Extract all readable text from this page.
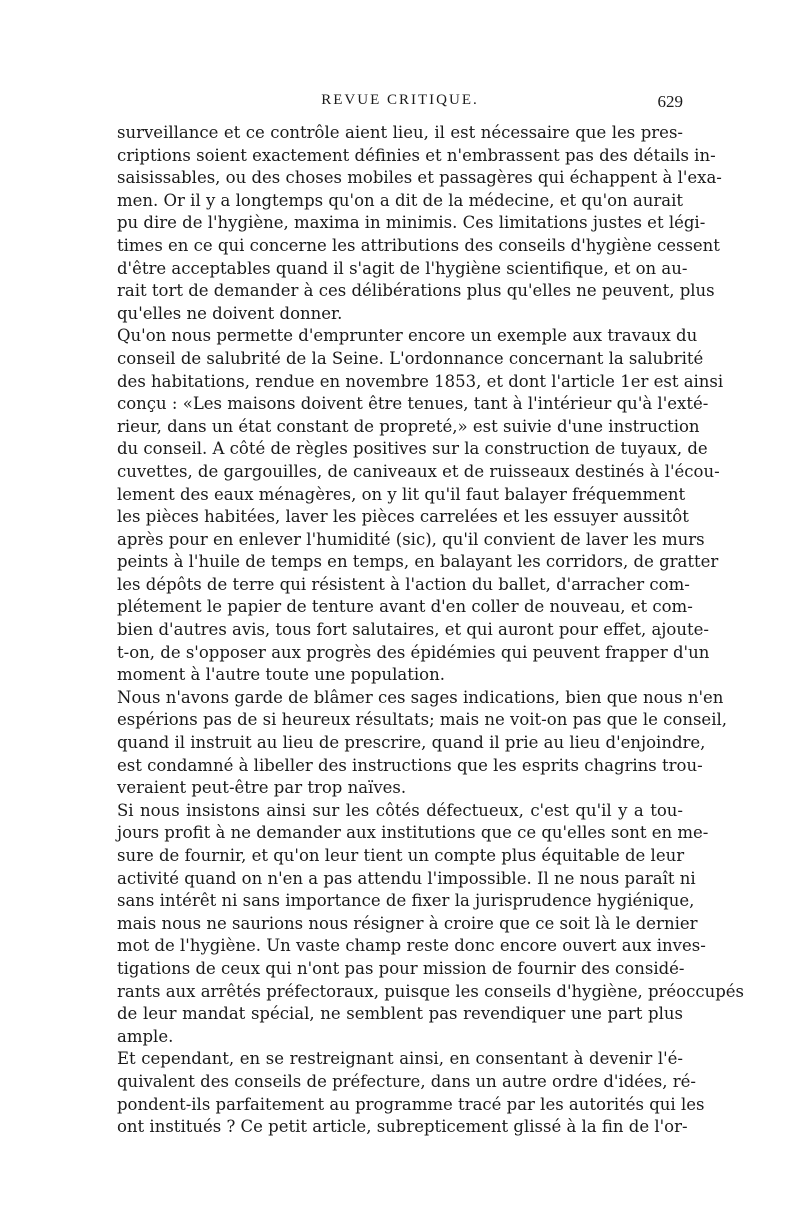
REVUE CRITIQUE.	629

surveillance et ce contrôle aient lieu, il est nécessaire que les pres-
criptions soient exactement définies et n'embrassent pas des détails in-
saisissables, ou des choses mobiles et passagères qui échappent à l'exa-
men. Or il y a longtemps qu'on a dit de la médecine, et qu'on aurait
pu dire de l'hygiène, maxima in minimis. Ces limitations justes et légi-
times en ce qui concerne les attributions des conseils d'hygiène cessent
d'être acceptables quand il s'agit de l'hygiène scientifique, et on au-
rait tort de demander à ces délibérations plus qu'elles ne peuvent, plus
qu'elles ne doivent donner.

Qu'on nous permette d'emprunter encore un exemple aux travaux du
conseil de salubrité de la Seine. L'ordonnance concernant la salubrité
des habitations, rendue en novembre 1853, et dont l'article 1er est ainsi
conçu : «Les maisons doivent être tenues, tant à l'intérieur qu'à l'exté-
rieur, dans un état constant de propreté,» est suivie d'une instruction
du conseil. A côté de règles positives sur la construction de tuyaux, de
cuvettes, de gargouilles, de caniveaux et de ruisseaux destinés à l'écou-
lement des eaux ménagères, on y lit qu'il faut balayer fréquemment
les pièces habitées, laver les pièces carrelées et les essuyer aussitôt
après pour en enlever l'humidité (sic), qu'il convient de laver les murs
peints à l'huile de temps en temps, en balayant les corridors, de gratter
les dépôts de terre qui résistent à l'action du ballet, d'arracher com-
plétement le papier de tenture avant d'en coller de nouveau, et com-
bien d'autres avis, tous fort salutaires, et qui auront pour effet, ajoute-
t-on, de s'opposer aux progrès des épidémies qui peuvent frapper d'un
moment à l'autre toute une population.

Nous n'avons garde de blâmer ces sages indications, bien que nous n'en
espérions pas de si heureux résultats; mais ne voit-on pas que le conseil,
quand il instruit au lieu de prescrire, quand il prie au lieu d'enjoindre,
est condamné à libeller des instructions que les esprits chagrins trou-
veraient peut-être par trop naïves.

Si nous insistons ainsi sur les côtés défectueux, c'est qu'il y a tou-
jours profit à ne demander aux institutions que ce qu'elles sont en me-
sure de fournir, et qu'on leur tient un compte plus équitable de leur
activité quand on n'en a pas attendu l'impossible. Il ne nous paraît ni
sans intérêt ni sans importance de fixer la jurisprudence hygiénique,
mais nous ne saurions nous résigner à croire que ce soit là le dernier
mot de l'hygiène. Un vaste champ reste donc encore ouvert aux inves-
tigations de ceux qui n'ont pas pour mission de fournir des considé-
rants aux arrêtés préfectoraux, puisque les conseils d'hygiène, préoccupés
de leur mandat spécial, ne semblent pas revendiquer une part plus
ample.

Et cependant, en se restreignant ainsi, en consentant à devenir l'é-
quivalent des conseils de préfecture, dans un autre ordre d'idées, ré-
pondent-ils parfaitement au programme tracé par les autorités qui les
ont institués ? Ce petit article, subrepticement glissé à la fin de l'or-
